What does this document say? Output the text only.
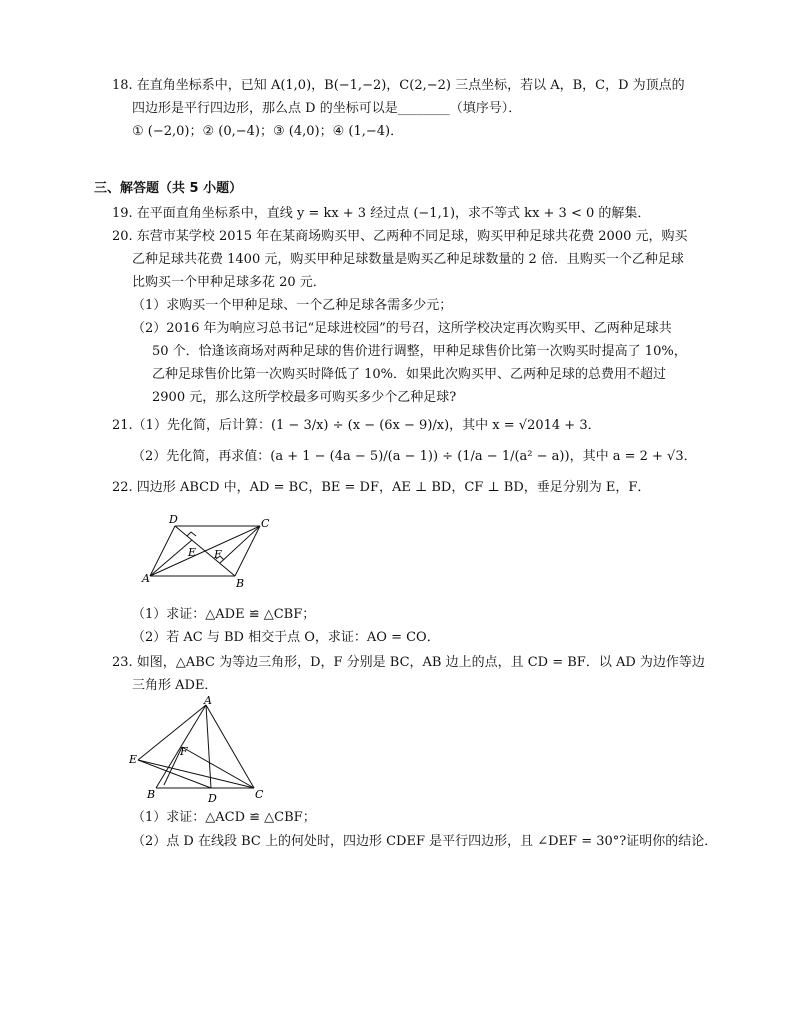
18. 在直角坐标系中，已知 A(1,0)，B(−1,−2)，C(2,−2) 三点坐标，若以 A，B，C，D 为顶点的
四边形是平行四边形，那么点 D 的坐标可以是________（填序号）．
① (−2,0)；② (0,−4)；③ (4,0)；④ (1,−4)．
三、解答题（共 5 小题）
19. 在平面直角坐标系中，直线 y = kx + 3 经过点 (−1,1)，求不等式 kx + 3 < 0 的解集．
20. 东营市某学校 2015 年在某商场购买甲、乙两种不同足球，购买甲种足球共花费 2000 元，购买
乙种足球共花费 1400 元，购买甲种足球数量是购买乙种足球数量的 2 倍．且购买一个乙种足球
比购买一个甲种足球多花 20 元．
（1）求购买一个甲种足球、一个乙种足球各需多少元；
（2）2016 年为响应习总书记“足球进校园”的号召，这所学校决定再次购买甲、乙两种足球共
50 个．恰逢该商场对两种足球的售价进行调整，甲种足球售价比第一次购买时提高了 10%，
乙种足球售价比第一次购买时降低了 10%．如果此次购买甲、乙两种足球的总费用不超过
2900 元，那么这所学校最多可购买多少个乙种足球?
21.（1）先化简，后计算：(1 − 3/x) ÷ (x − (6x − 9)/x)，其中 x = √2014 + 3．
（2）先化简，再求值：(a + 1 − (4a − 5)/(a − 1)) ÷ (1/a − 1/(a² − a))，其中 a = 2 + √3．
22. 四边形 ABCD 中，AD = BC，BE = DF，AE ⊥ BD，CF ⊥ BD，垂足分别为 E，F．
D	C
A	B
E F
（1）求证：△ADE ≌ △CBF；
（2）若 AC 与 BD 相交于点 O，求证：AO = CO．
23. 如图，△ABC 为等边三角形，D，F 分别是 BC，AB 边上的点，且 CD = BF．以 AD 为边作等边
三角形 ADE．
A
E
F
B	D	C
（1）求证：△ACD ≌ △CBF；
（2）点 D 在线段 BC 上的何处时，四边形 CDEF 是平行四边形，且 ∠DEF = 30°?证明你的结论．
